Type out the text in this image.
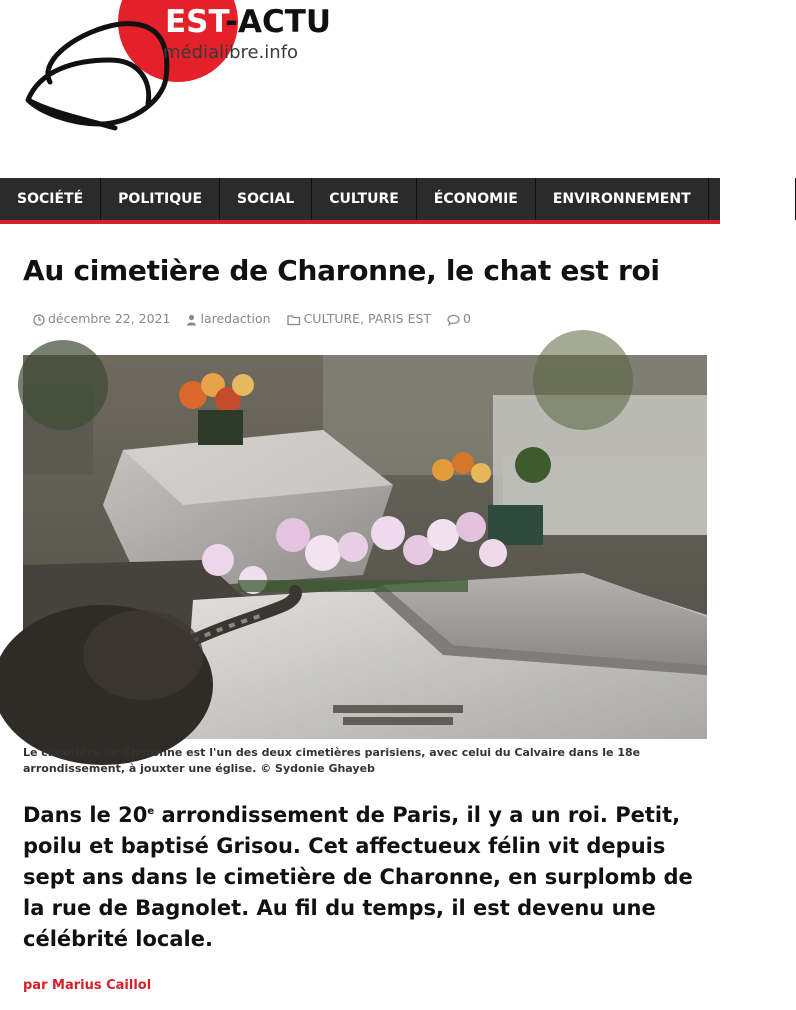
EST-ACTU
médialibre.info
SOCIÉTÉ	POLITIQUE	SOCIAL	CULTURE	ÉCONOMIE	ENVIRONNEMENT	SPORT
Au cimetière de Charonne, le chat est roi
décembre 22, 2021 laredaction	CULTURE, PARIS EST	0
Le cimetière de Charonne est l'un des deux cimetières parisiens, avec celui du Calvaire dans le 18e arrondissement, à jouxter une église. © Sydonie Ghayeb

Dans le 20e arrondissement de Paris, il y a un roi. Petit, poilu et baptisé Grisou. Cet affectueux félin vit depuis sept ans dans le cimetière de Charonne, en surplomb de la rue de Bagnolet. Au fil du temps, il est devenu une célébrité locale.

par Marius Caillol
